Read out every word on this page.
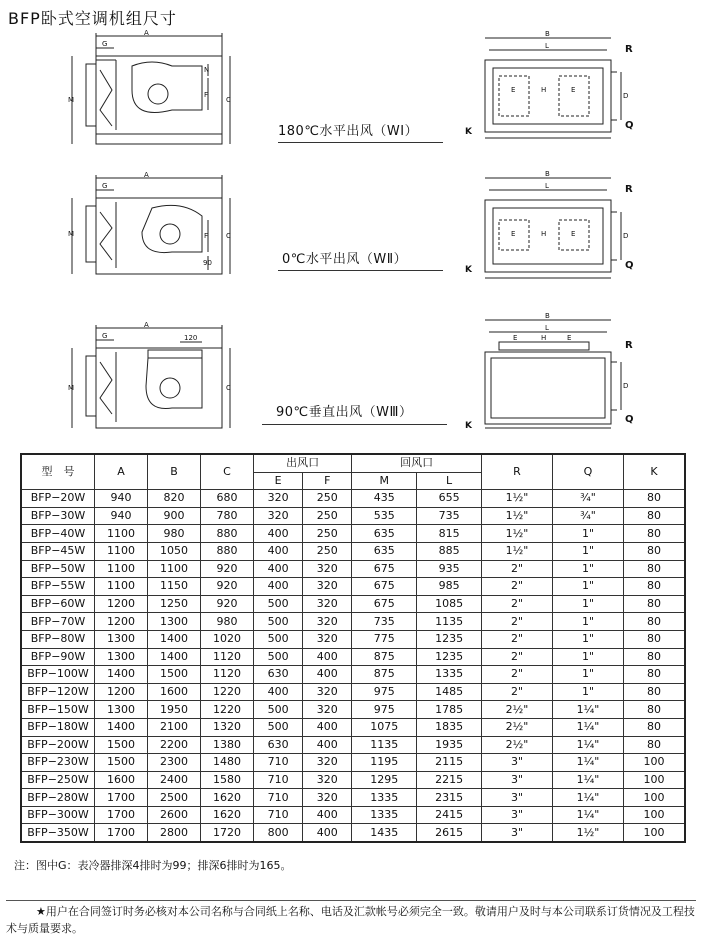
BFP卧式空调机组尺寸
A
G
M
N
F
C
A
G
F
90
C
M
A
G	120
M	C
B
L
E	H	E
R
D
Q
K
B
L
E	H	E
R
D
Q
K
B
L
E	H	E
R
D
Q
K
180℃水平出风（WⅠ）
0℃水平出风（WⅡ）
90℃垂直出风（WⅢ）
型　号	A	B	C	出风口		回风口		R	Q	K
				E	F	M	L			
BFP−20W	940	820	680	320	250	435	655	1½"	¾"	80
BFP−30W	940	900	780	320	250	535	735	1½"	¾"	80
BFP−40W	1100	980	880	400	250	635	815	1½"	1"	80
BFP−45W	1100	1050	880	400	250	635	885	1½"	1"	80
BFP−50W	1100	1100	920	400	320	675	935	2"	1"	80
BFP−55W	1100	1150	920	400	320	675	985	2"	1"	80
BFP−60W	1200	1250	920	500	320	675	1085	2"	1"	80
BFP−70W	1200	1300	980	500	320	735	1135	2"	1"	80
BFP−80W	1300	1400	1020	500	320	775	1235	2"	1"	80
BFP−90W	1300	1400	1120	500	400	875	1235	2"	1"	80
BFP−100W	1400	1500	1120	630	400	875	1335	2"	1"	80
BFP−120W	1200	1600	1220	400	320	975	1485	2"	1"	80
BFP−150W	1300	1950	1220	500	320	975	1785	2½"	1¼"	80
BFP−180W	1400	2100	1320	500	400	1075	1835	2½"	1¼"	80
BFP−200W	1500	2200	1380	630	400	1135	1935	2½"	1¼"	80
BFP−230W	1500	2300	1480	710	320	1195	2115	3"	1¼"	100
BFP−250W	1600	2400	1580	710	320	1295	2215	3"	1¼"	100
BFP−280W	1700	2500	1620	710	320	1335	2315	3"	1¼"	100
BFP−300W	1700	2600	1620	710	400	1335	2415	3"	1¼"	100
BFP−350W	1700	2800	1720	800	400	1435	2615	3"	1½"	100
注：图中G：表冷器排深4排时为99；排深6排时为165。
★用户在合同签订时务必核对本公司名称与合同纸上名称、电话及汇款帐号必须完全一致。敬请用户及时与本公司联系订货情况及工程技术与质量要求。
